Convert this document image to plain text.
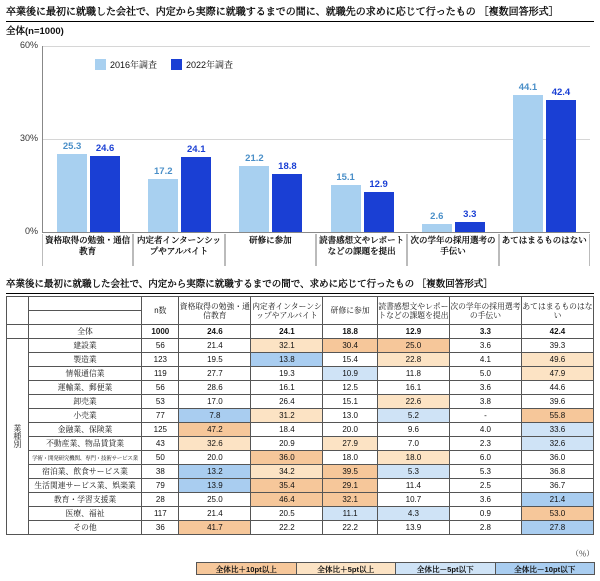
卒業後に最初に就職した会社で、内定から実際に就職するまでの間に、就職先の求めに応じて行ったもの ［複数回答形式］
全体(n=1000)
60%
30%
0%
2016年調査	2022年調査
25.3 24.6
17.2
24.1
21.2
18.8
15.1
12.9
2.6 3.3
44.1 42.4
資格取得の勉強・通信教育
内定者インターンシップやアルバイト
研修に参加	読書感想文やレポートなどの課題を提出
次の学年の採用選考の手伝い
あてはまるものはない
卒業後に最初に就職した会社で、内定から実際に就職するまでの間で、求めに応じて行ったもの ［複数回答形式］
		n数	資格取得の勉強・通信教育	内定者インターンシップやアルバイト	研修に参加	読書感想文やレポートなどの課題を提出	次の学年の採用選考の手伝い	あてはまるものはない

	全体	1000	24.6	24.1	18.8	12.9	3.3	42.4
業種別	建設業	56	21.4	32.1	30.4	25.0	3.6	39.3
	製造業	123	19.5	13.8	15.4	22.8	4.1	49.6
	情報通信業	119	27.7	19.3	10.9	11.8	5.0	47.9
	運輸業、郵便業	56	28.6	16.1	12.5	16.1	3.6	44.6
	卸売業	53	17.0	26.4	15.1	22.6	3.8	39.6
	小売業	77	7.8	31.2	13.0	5.2	-	55.8
	金融業、保険業	125	47.2	18.4	20.0	9.6	4.0	33.6
	不動産業、物品賃貸業	43	32.6	20.9	27.9	7.0	2.3	32.6
	学術・開発研究機関、専門・技術サービス業	50	20.0	36.0	18.0	18.0	6.0	36.0
	宿泊業、飲食サービス業	38	13.2	34.2	39.5	5.3	5.3	36.8
	生活関連サービス業、娯楽業	79	13.9	35.4	29.1	11.4	2.5	36.7
	教育・学習支援業	28	25.0	46.4	32.1	10.7	3.6	21.4
	医療、福祉	117	21.4	20.5	11.1	4.3	0.9	53.0
	その他	36	41.7	22.2	22.2	13.9	2.8	27.8
（％）
全体比＋10pt以上	全体比＋5pt以上	全体比－5pt以下	全体比－10pt以下
